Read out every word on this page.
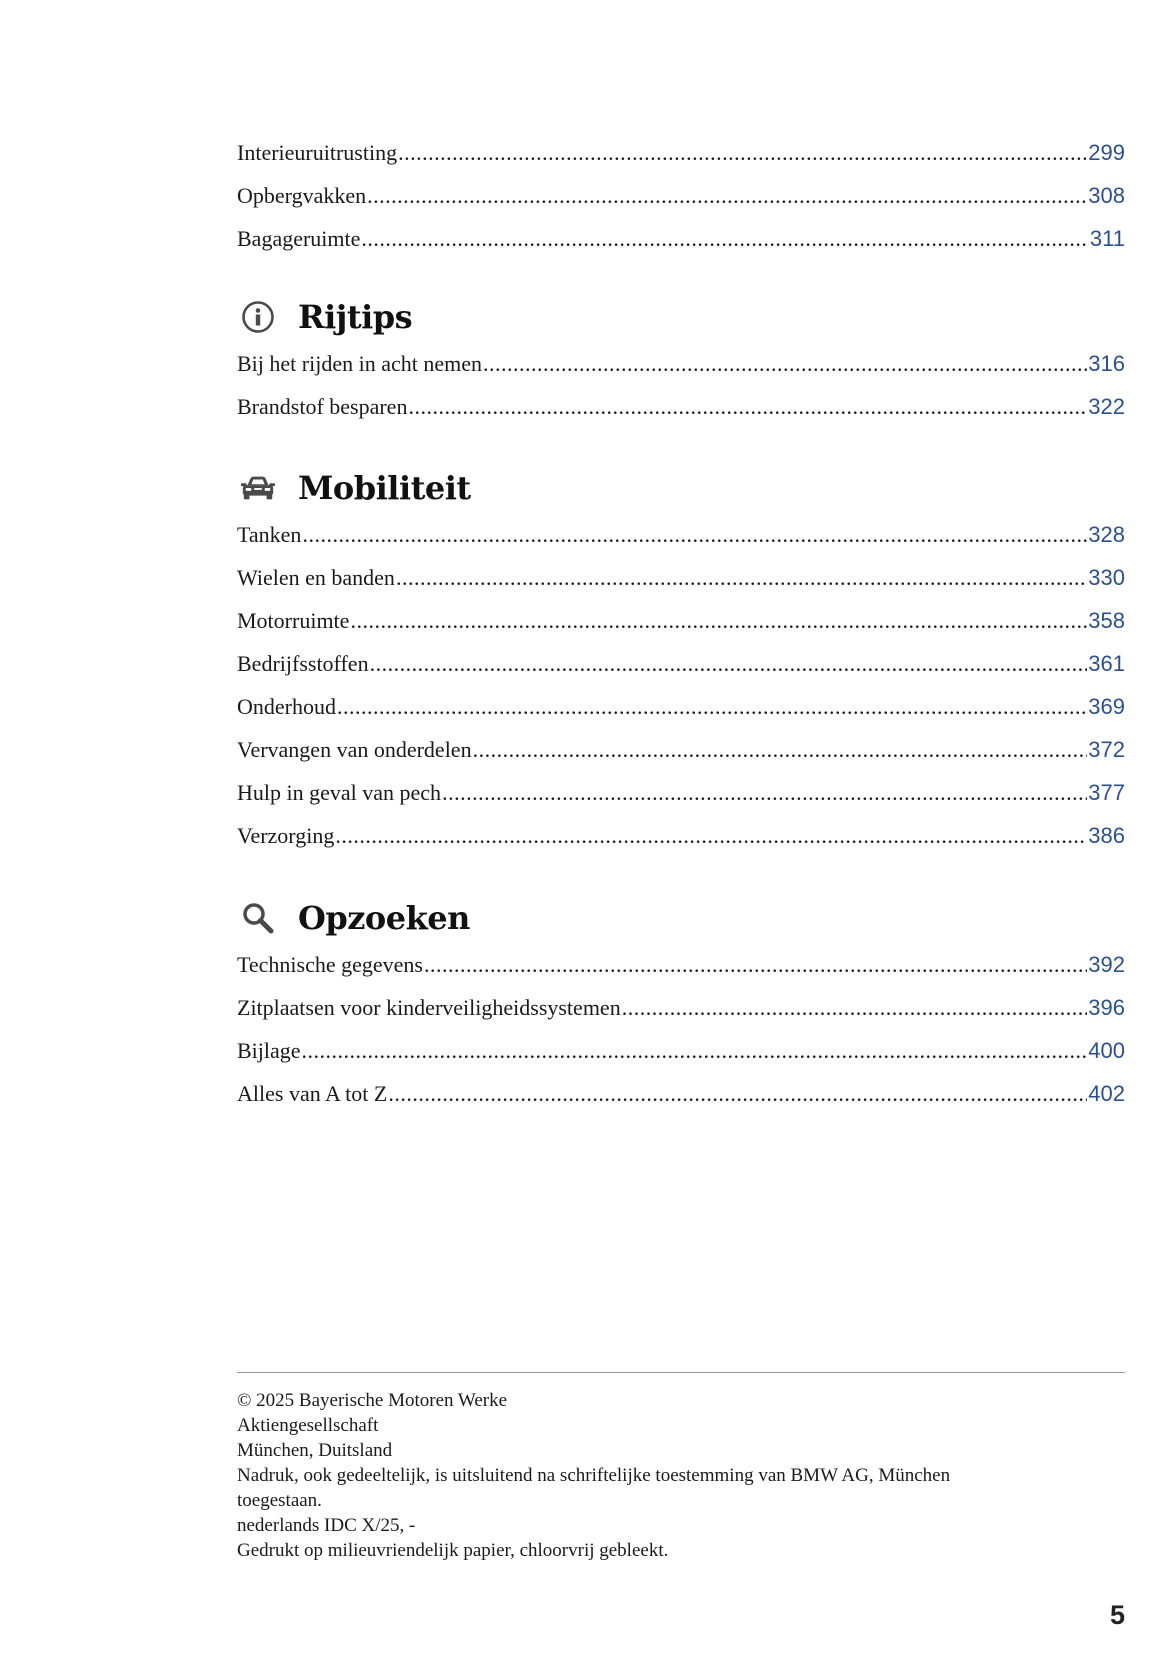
Interieuruitrusting .....	299
Opbergvakken .....	308
Bagageruimte .....	311
Rijtips
Bij het rijden in acht nemen .....	316
Brandstof besparen .....	322
Mobiliteit
Tanken .....	328
Wielen en banden .....	330
Motorruimte .....	358
Bedrijfsstoffen .....	361
Onderhoud .....	369
Vervangen van onderdelen .....	372
Hulp in geval van pech .....	377
Verzorging .....	386
Opzoeken
Technische gegevens .....	392
Zitplaatsen voor kinderveiligheidssystemen .....	396
Bijlage .....	400
Alles van A tot Z .....	402
© 2025 Bayerische Motoren Werke
Aktiengesellschaft
München, Duitsland
Nadruk, ook gedeeltelijk, is uitsluitend na schriftelijke toestemming van BMW AG, München
toegestaan.
nederlands IDC X/25, -
Gedrukt op milieuvriendelijk papier, chloorvrij gebleekt.
5
